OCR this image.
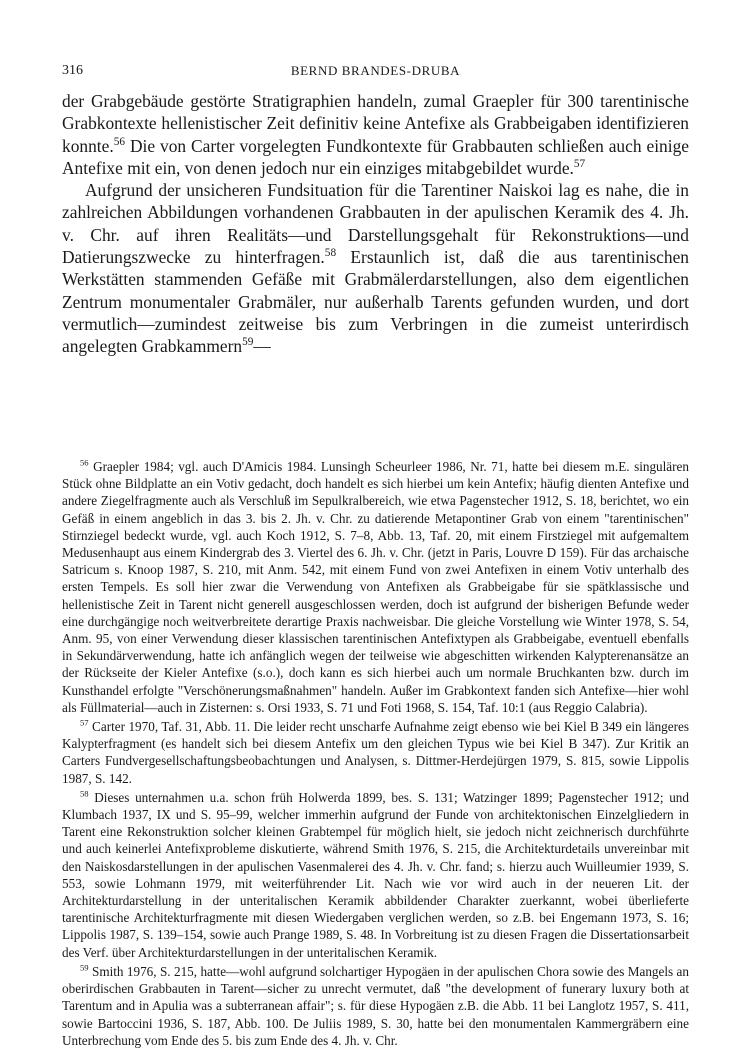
316	BERND BRANDES-DRUBA

der Grabgebäude gestörte Stratigraphien handeln, zumal Graepler für 300 tarentinische Grabkontexte hellenistischer Zeit definitiv keine Antefixe als Grabbeigaben identifizieren konnte.$^{56}$ Die von Carter vorgelegten Fundkontexte für Grabbauten schließen auch einige Antefixe mit ein, von denen jedoch nur ein einziges mitabgebildet wurde.$^{57}$

Aufgrund der unsicheren Fundsituation für die Tarentiner Naiskoi lag es nahe, die in zahlreichen Abbildungen vorhandenen Grabbauten in der apulischen Keramik des 4. Jh. v. Chr. auf ihren Realitäts—und Darstellungsgehalt für Rekonstruktions—und Datierungszwecke zu hinterfragen.$^{58}$ Erstaunlich ist, daß die aus tarentinischen Werkstätten stammenden Gefäße mit Grabmälerdarstellungen, also dem eigentlichen Zentrum monumentaler Grabmäler, nur außerhalb Tarents gefunden wurden, und dort vermutlich—zumindest zeitweise bis zum Verbringen in die zumeist unterirdisch angelegten Grabkammern$^{59}$—

$^{56}$ Graepler 1984; vgl. auch D'Amicis 1984. Lunsingh Scheurleer 1986, Nr. 71, hatte bei diesem m.E. singulären Stück ohne Bildplatte an ein Votiv gedacht, doch handelt es sich hierbei um kein Antefix; häufig dienten Antefixe und andere Ziegelfragmente auch als Verschluß im Sepulkralbereich, wie etwa Pagenstecher 1912, S. 18, berichtet, wo ein Gefäß in einem angeblich in das 3. bis 2. Jh. v. Chr. zu datierende Metapontiner Grab von einem "tarentinischen" Stirnziegel bedeckt wurde, vgl. auch Koch 1912, S. 7–8, Abb. 13, Taf. 20, mit einem Firstziegel mit aufgemaltem Medusenhaupt aus einem Kindergrab des 3. Viertel des 6. Jh. v. Chr. (jetzt in Paris, Louvre D 159). Für das archaische Satricum s. Knoop 1987, S. 210, mit Anm. 542, mit einem Fund von zwei Antefixen in einem Votiv unterhalb des ersten Tempels. Es soll hier zwar die Verwendung von Antefixen als Grabbeigabe für sie spätklassische und hellenistische Zeit in Tarent nicht generell ausgeschlossen werden, doch ist aufgrund der bisherigen Befunde weder eine durchgängige noch weitverbreitete derartige Praxis nachweisbar. Die gleiche Vorstellung wie Winter 1978, S. 54, Anm. 95, von einer Verwendung dieser klassischen tarentinischen Antefixtypen als Grabbeigabe, eventuell ebenfalls in Sekundärverwendung, hatte ich anfänglich wegen der teilweise wie abgeschitten wirkenden Kalypterenansätze an der Rückseite der Kieler Antefixe (s.o.), doch kann es sich hierbei auch um normale Bruchkanten bzw. durch im Kunsthandel erfolgte "Verschönerungsmaßnahmen" handeln. Außer im Grabkontext fanden sich Antefixe—hier wohl als Füllmaterial—auch in Zisternen: s. Orsi 1933, S. 71 und Foti 1968, S. 154, Taf. 10:1 (aus Reggio Calabria).

$^{57}$ Carter 1970, Taf. 31, Abb. 11. Die leider recht unscharfe Aufnahme zeigt ebenso wie bei Kiel B 349 ein längeres Kalypterfragment (es handelt sich bei diesem Antefix um den gleichen Typus wie bei Kiel B 347). Zur Kritik an Carters Fundvergesellschaftungsbeobachtungen und Analysen, s. Dittmer-Herdejürgen 1979, S. 815, sowie Lippolis 1987, S. 142.

$^{58}$ Dieses unternahmen u.a. schon früh Holwerda 1899, bes. S. 131; Watzinger 1899; Pagenstecher 1912; und Klumbach 1937, IX und S. 95–99, welcher immerhin aufgrund der Funde von architektonischen Einzelgliedern in Tarent eine Rekonstruktion solcher kleinen Grabtempel für möglich hielt, sie jedoch nicht zeichnerisch durchführte und auch keinerlei Antefixprobleme diskutierte, während Smith 1976, S. 215, die Architekturdetails unvereinbar mit den Naiskosdarstellungen in der apulischen Vasenmalerei des 4. Jh. v. Chr. fand; s. hierzu auch Wuilleumier 1939, S. 553, sowie Lohmann 1979, mit weiterführender Lit. Nach wie vor wird auch in der neueren Lit. der Architekturdarstellung in der unteritalischen Keramik abbildender Charakter zuerkannt, wobei überlieferte tarentinische Architekturfragmente mit diesen Wiedergaben verglichen werden, so z.B. bei Engemann 1973, S. 16; Lippolis 1987, S. 139–154, sowie auch Prange 1989, S. 48. In Vorbreitung ist zu diesen Fragen die Dissertationsarbeit des Verf. über Architekturdarstellungen in der unteritalischen Keramik.

$^{59}$ Smith 1976, S. 215, hatte—wohl aufgrund solchartiger Hypogäen in der apulischen Chora sowie des Mangels an oberirdischen Grabbauten in Tarent—sicher zu unrecht vermutet, daß "the development of funerary luxury both at Tarentum and in Apulia was a subterranean affair"; s. für diese Hypogäen z.B. die Abb. 11 bei Langlotz 1957, S. 411, sowie Bartoccini 1936, S. 187, Abb. 100. De Juliis 1989, S. 30, hatte bei den monumentalen Kammergräbern eine Unterbrechung vom Ende des 5. bis zum Ende des 4. Jh. v. Chr.
